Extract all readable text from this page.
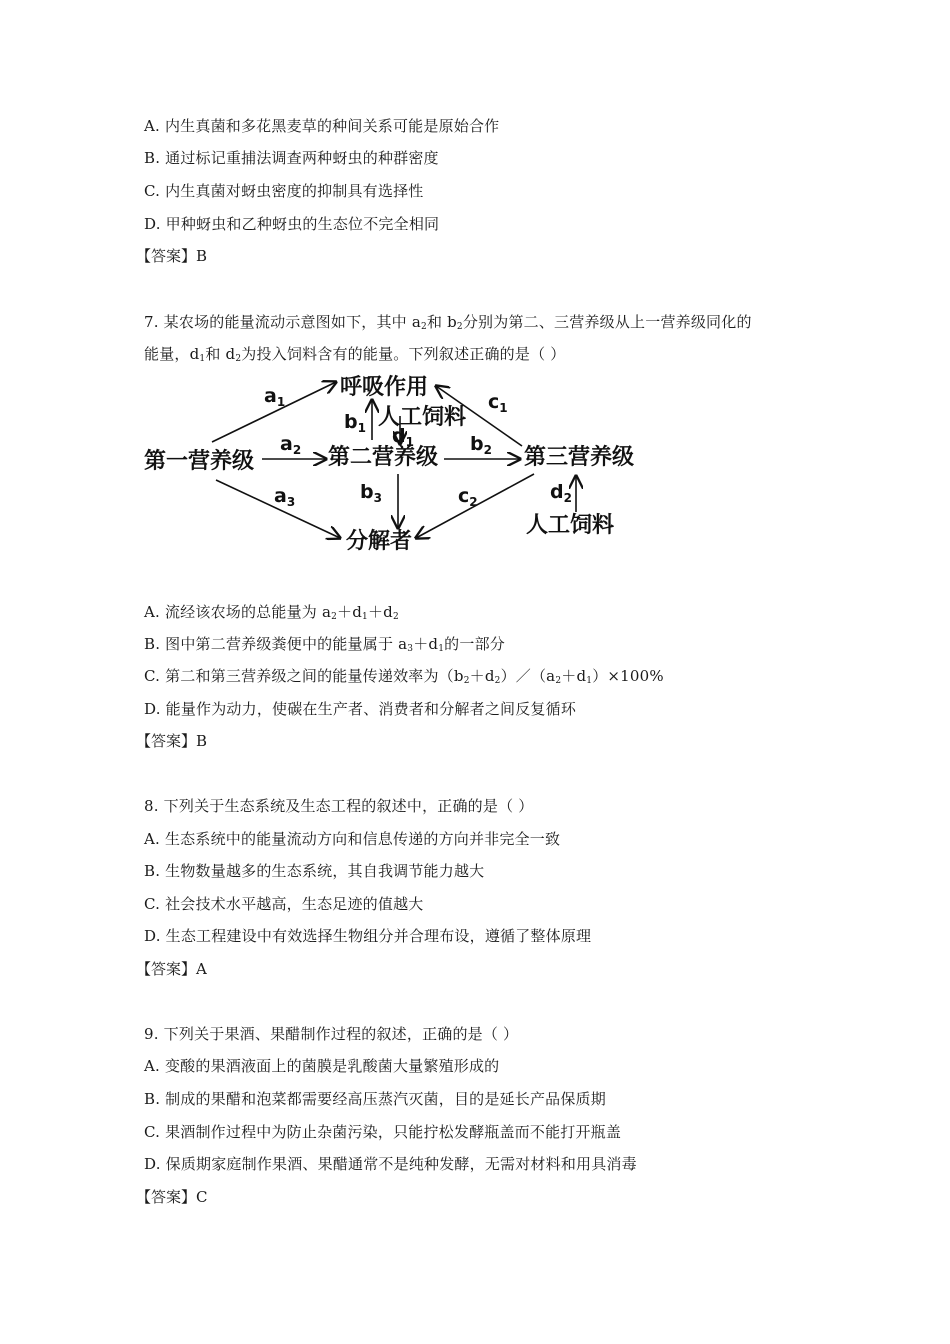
A. 内生真菌和多花黑麦草的种间关系可能是原始合作
B. 通过标记重捕法调查两种蚜虫的种群密度
C. 内生真菌对蚜虫密度的抑制具有选择性
D. 甲种蚜虫和乙种蚜虫的生态位不完全相同
【答案】B
7. 某农场的能量流动示意图如下，其中 $a_2$和 $b_2$分别为第二、三营养级从上一营养级同化的
能量，$d_1$和 $d_2$为投入饲料含有的能量。下列叙述正确的是（ ）
第一营养级	第二营养级	第三营养级
呼吸作用
分解者
人工饲料
人工饲料
$a_1$
$a_2$
$a_3$
$b_1$ $d_1$	$b_2$
$b_3$
$c_1$
$c_2$	$d_2$
A. 流经该农场的总能量为 $a_2+d_1+d_2$
B. 图中第二营养级粪便中的能量属于 $a_3+d_1$的一部分
C. 第二和第三营养级之间的能量传递效率为$(b_2+d_2)/(a_2+d_1)\times 100\%$
D. 能量作为动力，使碳在生产者、消费者和分解者之间反复循环
【答案】B
8. 下列关于生态系统及生态工程的叙述中，正确的是（ ）
A. 生态系统中的能量流动方向和信息传递的方向并非完全一致
B. 生物数量越多的生态系统，其自我调节能力越大
C. 社会技术水平越高，生态足迹的值越大
D. 生态工程建设中有效选择生物组分并合理布设，遵循了整体原理
【答案】A
9. 下列关于果酒、果醋制作过程的叙述，正确的是（ ）
A. 变酸的果酒液面上的菌膜是乳酸菌大量繁殖形成的
B. 制成的果醋和泡菜都需要经高压蒸汽灭菌，目的是延长产品保质期
C. 果酒制作过程中为防止杂菌污染，只能拧松发酵瓶盖而不能打开瓶盖
D. 保质期家庭制作果酒、果醋通常不是纯种发酵，无需对材料和用具消毒
【答案】C
